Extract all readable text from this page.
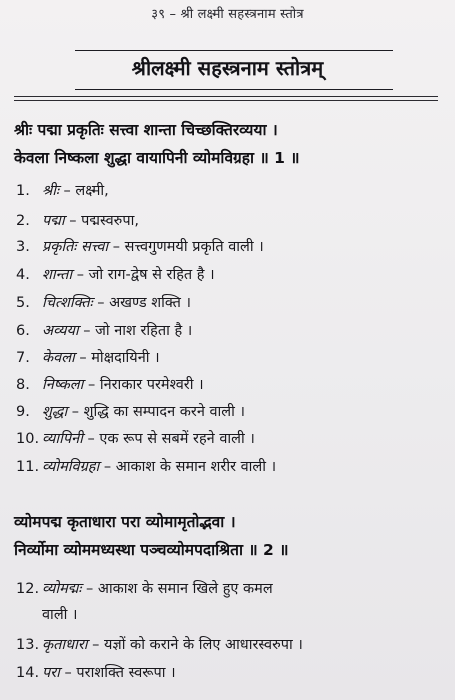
३९ – श्री लक्ष्मी सहस्त्रनाम स्तोत्र
श्रीलक्ष्मी सहस्त्रनाम स्तोत्रम्
श्रीः पद्मा प्रकृतिः सत्त्वा शान्ता चिच्छक्तिरव्यया ।
केवला निष्कला शुद्धा वायापिनी व्योमविग्रहा ॥ 1 ॥
1. श्रीः – लक्ष्मी,
2. पद्मा – पद्मस्वरुपा,
3. प्रकृतिः सत्त्वा – सत्त्वगुणमयी प्रकृति वाली ।
4. शान्ता – जो राग-द्वेष से रहित है ।
5. चित्शक्तिः – अखण्ड शक्ति ।
6. अव्यया – जो नाश रहिता है ।
7. केवला – मोक्षदायिनी ।
8. निष्कला – निराकार परमेश्वरी ।
9. शुद्धा – शुद्धि का सम्पादन करने वाली ।
10. व्यापिनी – एक रूप से सबमें रहने वाली ।
11. व्योमविग्रहा – आकाश के समान शरीर वाली ।
व्योमपद्म कृताधारा परा व्योमामृतोद्भवा ।
निर्व्योमा व्योममध्यस्था पञ्चव्योमपदाश्रिता ॥ 2 ॥
12. व्योमद्मः – आकाश के समान खिले हुए कमल
वाली ।
13. कृताधारा – यज्ञों को कराने के लिए आधारस्वरुपा ।
14. परा – पराशक्ति स्वरूपा ।
